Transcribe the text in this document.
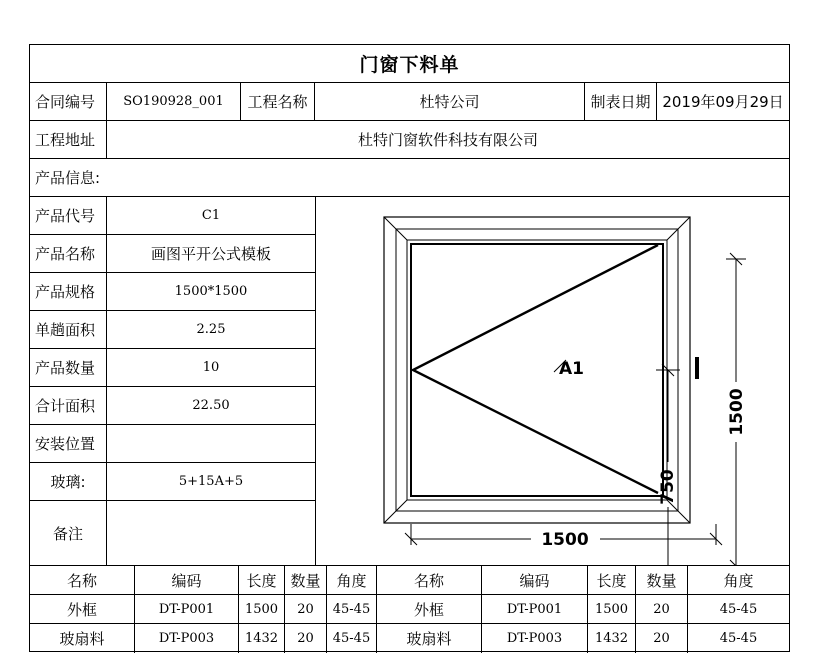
门窗下料单
合同编号	SO190928_001	工程名称	杜特公司	制表日期 2019年09月29日
工程地址	杜特门窗软件科技有限公司
产品信息:
产品代号	C1
产品名称	画图平开公式模板
产品规格	1500*1500
单趟面积	2.25
产品数量	10
合计面积	22.50
安装位置
玻璃:	5+15A+5
备注
A1
1500
1500
750
名称	编码	长度 数量	角度	名称	编码	长度	数量	角度
外框	DT-P001	1500	20	45-45	外框	DT-P001	1500	20	45-45
玻扇料	DT-P003	1432	20	45-45	玻扇料	DT-P003	1432	20	45-45
